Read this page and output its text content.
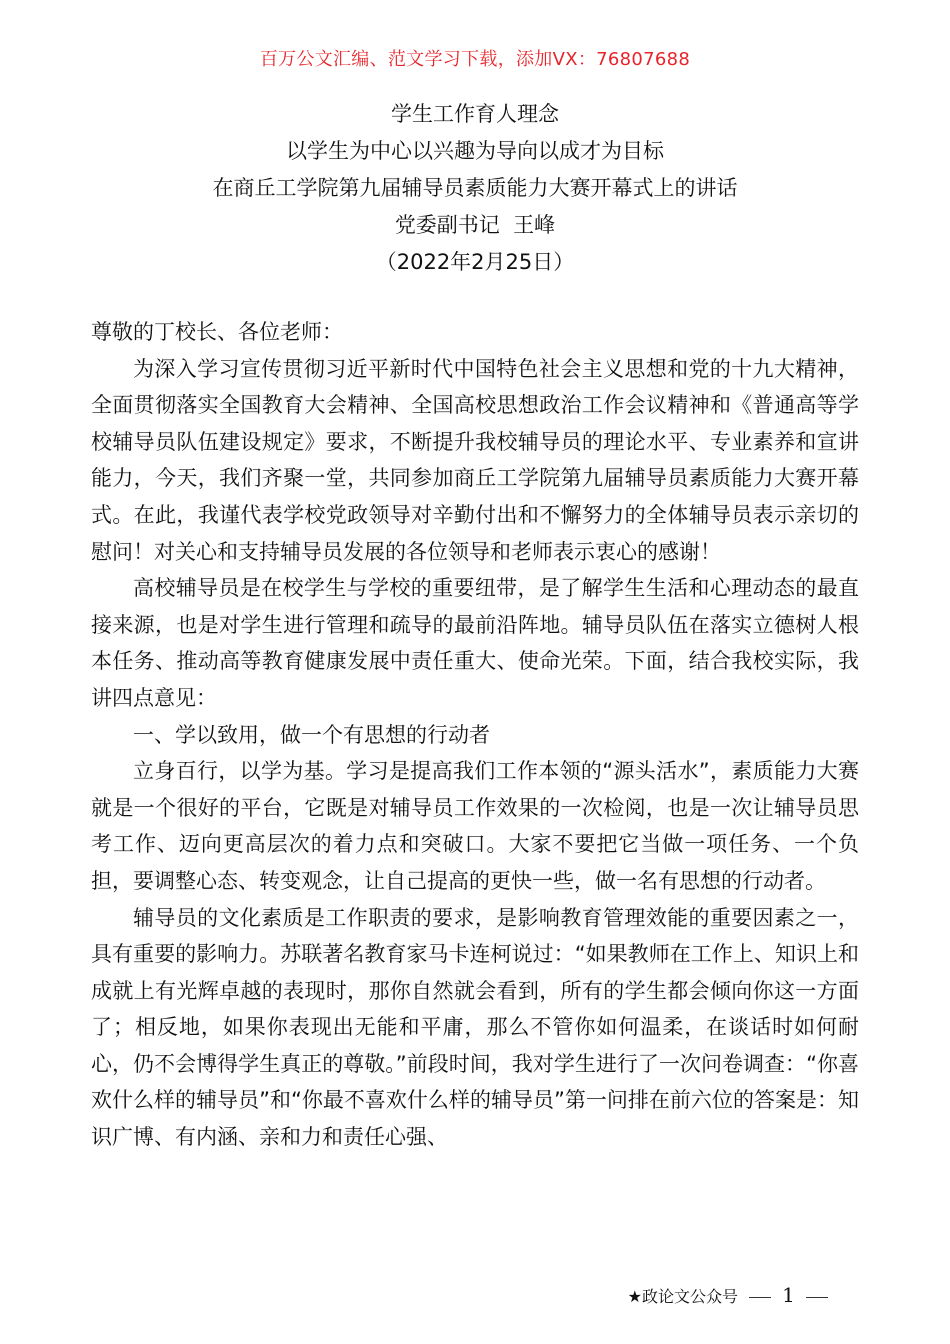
百万公文汇编、范文学习下载，添加VX：76807688
学生工作育人理念
以学生为中心以兴趣为导向以成才为目标
在商丘工学院第九届辅导员素质能力大赛开幕式上的讲话
党委副书记  王峰
（2022年2月25日）

尊敬的丁校长、各位老师：

为深入学习宣传贯彻习近平新时代中国特色社会主义思想和党的十九大精神，全面贯彻落实全国教育大会精神、全国高校思想政治工作会议精神和《普通高等学校辅导员队伍建设规定》要求，不断提升我校辅导员的理论水平、专业素养和宣讲能力，今天，我们齐聚一堂，共同参加商丘工学院第九届辅导员素质能力大赛开幕式。在此，我谨代表学校党政领导对辛勤付出和不懈努力的全体辅导员表示亲切的慰问！对关心和支持辅导员发展的各位领导和老师表示衷心的感谢！

高校辅导员是在校学生与学校的重要纽带，是了解学生生活和心理动态的最直接来源，也是对学生进行管理和疏导的最前沿阵地。辅导员队伍在落实立德树人根本任务、推动高等教育健康发展中责任重大、使命光荣。下面，结合我校实际，我讲四点意见：

一、学以致用，做一个有思想的行动者

立身百行，以学为基。学习是提高我们工作本领的“源头活水”，素质能力大赛就是一个很好的平台，它既是对辅导员工作效果的一次检阅，也是一次让辅导员思考工作、迈向更高层次的着力点和突破口。大家不要把它当做一项任务、一个负担，要调整心态、转变观念，让自己提高的更快一些，做一名有思想的行动者。

辅导员的文化素质是工作职责的要求，是影响教育管理效能的重要因素之一，具有重要的影响力。苏联著名教育家马卡连柯说过：“如果教师在工作上、知识上和成就上有光辉卓越的表现时，那你自然就会看到，所有的学生都会倾向你这一方面了；相反地，如果你表现出无能和平庸，那么不管你如何温柔，在谈话时如何耐心，仍不会博得学生真正的尊敬。”前段时间，我对学生进行了一次问卷调查：“你喜欢什么样的辅导员”和“你最不喜欢什么样的辅导员”第一问排在前六位的答案是：知识广博、有内涵、亲和力和责任心强、

★政论文公众号 1
